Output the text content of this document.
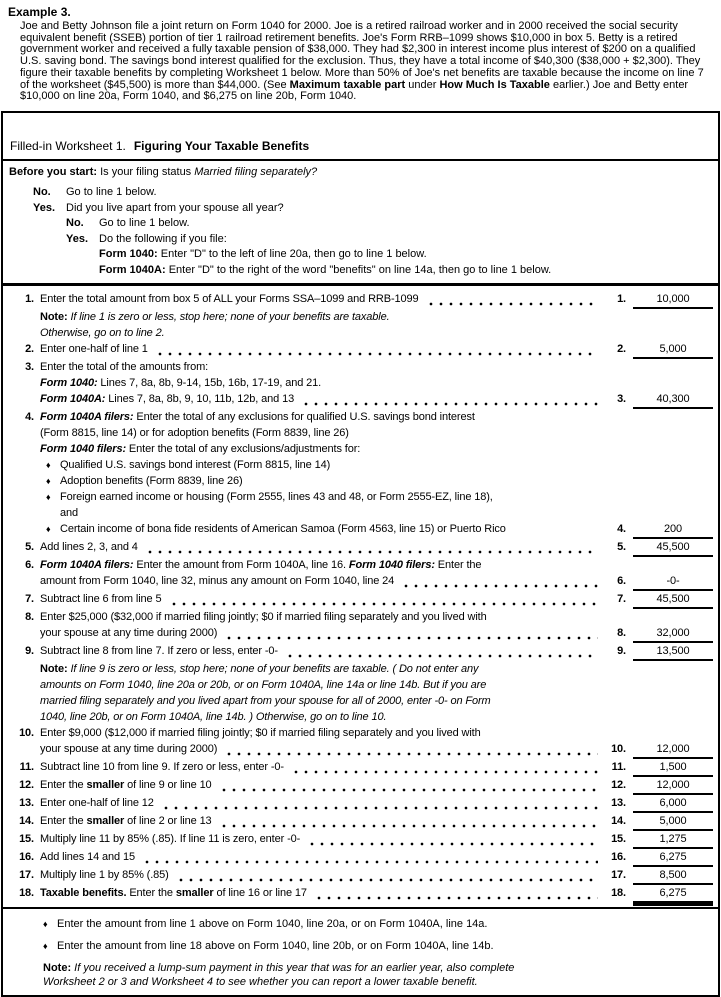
Example 3.
Joe and Betty Johnson file a joint return on Form 1040 for 2000. Joe is a retired railroad worker and in 2000 received the social security equivalent benefit (SSEB) portion of tier 1 railroad retirement benefits. Joe's Form RRB–1099 shows $10,000 in box 5. Betty is a retired government worker and received a fully taxable pension of $38,000. They had $2,300 in interest income plus interest of $200 on a qualified U.S. saving bond. The savings bond interest qualified for the exclusion. Thus, they have a total income of $40,300 ($38,000 + $2,300). They figure their taxable benefits by completing Worksheet 1 below. More than 50% of Joe's net benefits are taxable because the income on line 7 of the worksheet ($45,500) is more than $44,000. (See Maximum taxable part under How Much Is Taxable earlier.) Joe and Betty enter $10,000 on line 20a, Form 1040, and $6,275 on line 20b, Form 1040.
Filled-in Worksheet 1. Figuring Your Taxable Benefits
Before you start: Is your filing status Married filing separately?
No. Go to line 1 below.
Yes. Did you live apart from your spouse all year?
No. Go to line 1 below.
Yes. Do the following if you file:
Form 1040: Enter "D" to the left of line 20a, then go to line 1 below.
Form 1040A: Enter "D" to the right of the word "benefits" on line 14a, then go to line 1 below.
1. Enter the total amount from box 5 of ALL your Forms SSA–1099 and RRB-1099	1.	10,000
Note: If line 1 is zero or less, stop here; none of your benefits are taxable.
Otherwise, go on to line 2.
2. Enter one-half of line 1	2.	5,000
3. Enter the total of the amounts from:
Form 1040: Lines 7, 8a, 8b, 9-14, 15b, 16b, 17-19, and 21.
Form 1040A: Lines 7, 8a, 8b, 9, 10, 11b, 12b, and 13	3.	40,300
4. Form 1040A filers: Enter the total of any exclusions for qualified U.S. savings bond interest
(Form 8815, line 14) or for adoption benefits (Form 8839, line 26)
Form 1040 filers: Enter the total of any exclusions/adjustments for:
♦ Qualified U.S. savings bond interest (Form 8815, line 14)
♦ Adoption benefits (Form 8839, line 26)
♦ Foreign earned income or housing (Form 2555, lines 43 and 48, or Form 2555-EZ, line 18),
and
♦ Certain income of bona fide residents of American Samoa (Form 4563, line 15) or Puerto Rico	4.	200
5. Add lines 2, 3, and 4	5.	45,500
6. Form 1040A filers: Enter the amount from Form 1040A, line 16. Form 1040 filers: Enter the
amount from Form 1040, line 32, minus any amount on Form 1040, line 24	6.	-0-
7. Subtract line 6 from line 5	7.	45,500
8. Enter $25,000 ($32,000 if married filing jointly; $0 if married filing separately and you lived with
your spouse at any time during 2000)	8.	32,000
9. Subtract line 8 from line 7. If zero or less, enter -0-	9.	13,500
Note: If line 9 is zero or less, stop here; none of your benefits are taxable. ( Do not enter any
amounts on Form 1040, line 20a or 20b, or on Form 1040A, line 14a or line 14b. But if you are
married filing separately and you lived apart from your spouse for all of 2000, enter -0- on Form
1040, line 20b, or on Form 1040A, line 14b. ) Otherwise, go on to line 10.
10. Enter $9,000 ($12,000 if married filing jointly; $0 if married filing separately and you lived with
your spouse at any time during 2000)	10.	12,000
11. Subtract line 10 from line 9. If zero or less, enter -0-	11.	1,500
12. Enter the smaller of line 9 or line 10	12.	12,000
13. Enter one-half of line 12	13.	6,000
14. Enter the smaller of line 2 or line 13	14.	5,000
15. Multiply line 11 by 85% (.85). If line 11 is zero, enter -0-	15.	1,275
16. Add lines 14 and 15	16.	6,275
17. Multiply line 1 by 85% (.85)	17.	8,500
18. Taxable benefits. Enter the smaller of line 16 or line 17	18.	6,275
♦ Enter the amount from line 1 above on Form 1040, line 20a, or on Form 1040A, line 14a.
♦ Enter the amount from line 18 above on Form 1040, line 20b, or on Form 1040A, line 14b.
Note: If you received a lump-sum payment in this year that was for an earlier year, also complete
Worksheet 2 or 3 and Worksheet 4 to see whether you can report a lower taxable benefit.
